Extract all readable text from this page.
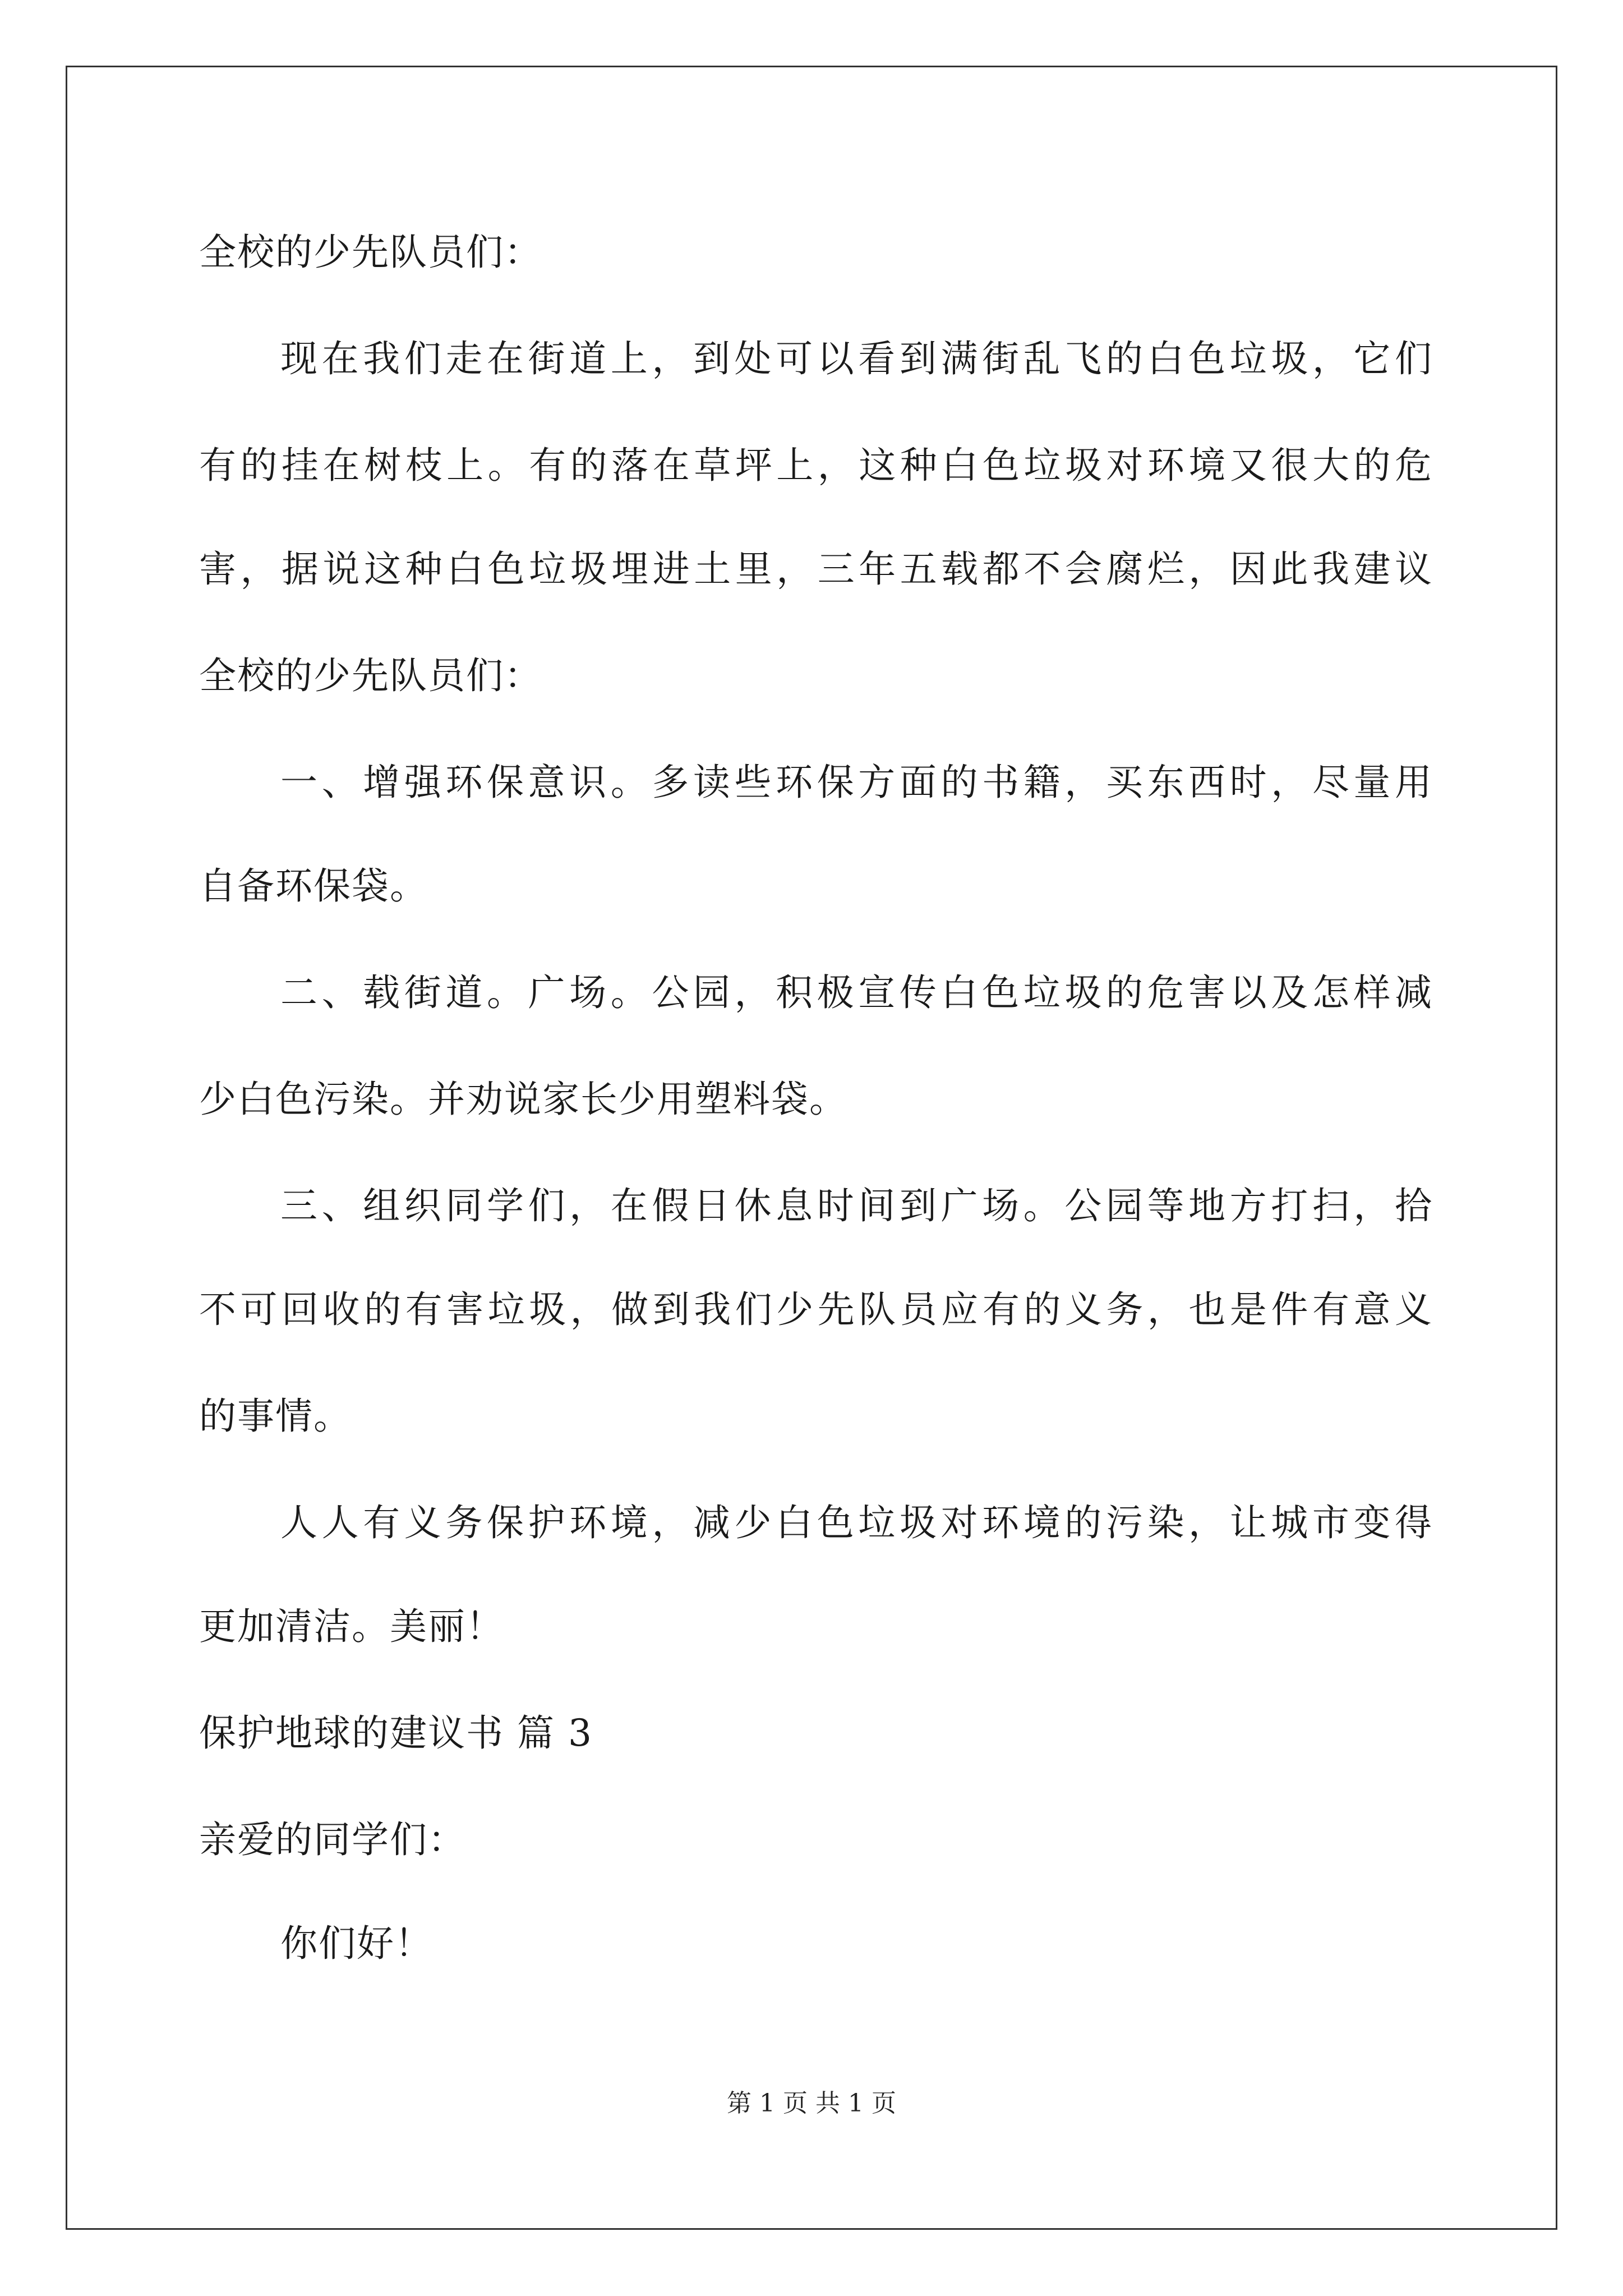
全校的少先队员们：
现在我们走在街道上，到处可以看到满街乱飞的白色垃圾，它们
有的挂在树枝上。有的落在草坪上，这种白色垃圾对环境又很大的危
害，据说这种白色垃圾埋进土里，三年五载都不会腐烂，因此我建议
全校的少先队员们：
一、增强环保意识。多读些环保方面的书籍，买东西时，尽量用
自备环保袋。
二、载街道。广场。公园，积极宣传白色垃圾的危害以及怎样减
少白色污染。并劝说家长少用塑料袋。
三、组织同学们，在假日休息时间到广场。公园等地方打扫，拾
不可回收的有害垃圾，做到我们少先队员应有的义务，也是件有意义
的事情。
人人有义务保护环境，减少白色垃圾对环境的污染，让城市变得
更加清洁。美丽！
保护地球的建议书 篇 3
亲爱的同学们：
你们好！
第 1 页 共 1 页
